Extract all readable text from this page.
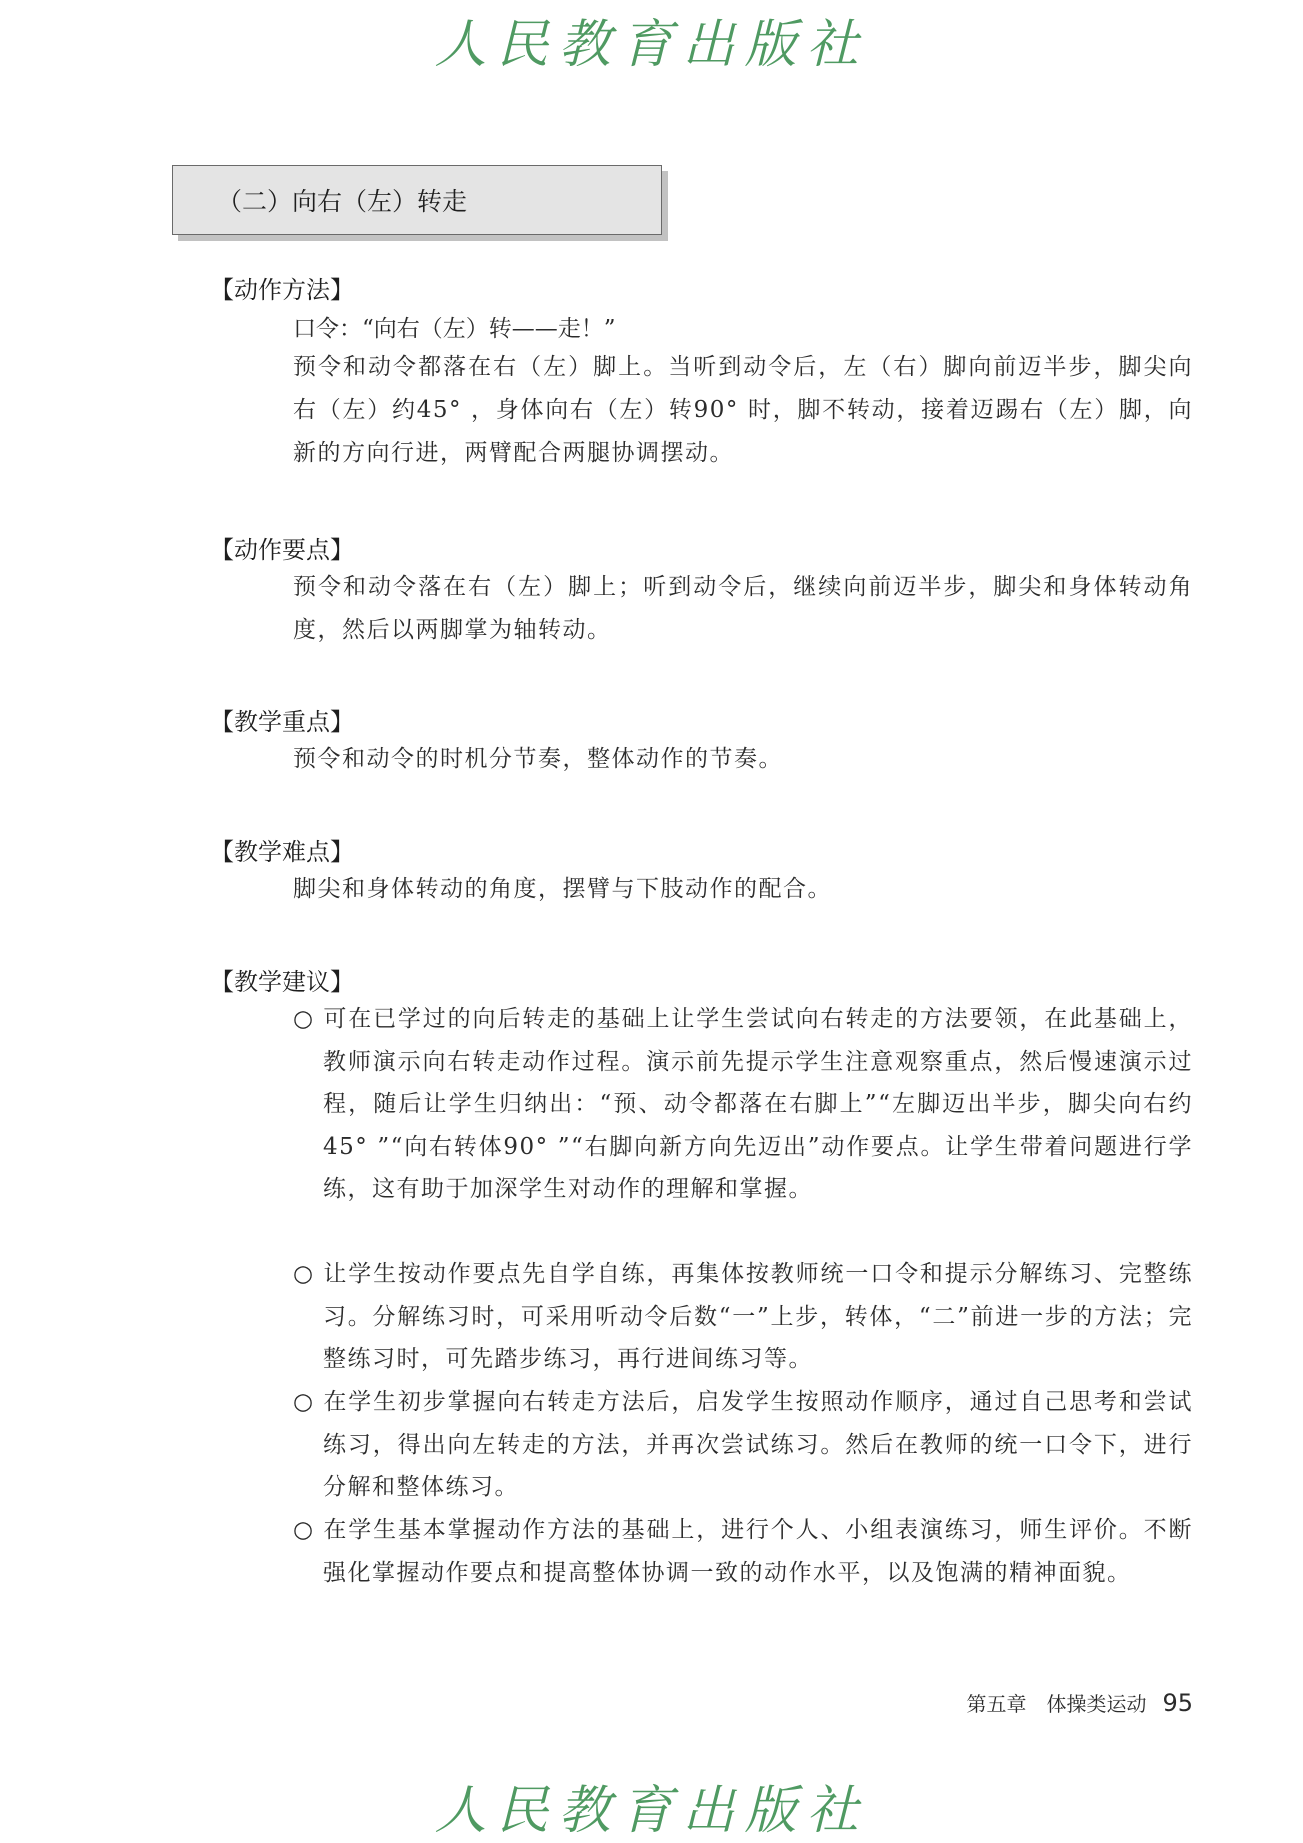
人民教育出版社
（二）向右（左）转走
【动作方法】
口令：“向右（左）转——走！”

预令和动令都落在右（左）脚上。当听到动令后，左（右）脚向前迈半步，脚尖向右（左）约45° ，身体向右（左）转90° 时，脚不转动，接着迈踢右（左）脚，向新的方向行进，两臂配合两腿协调摆动。

【动作要点】

预令和动令落在右（左）脚上；听到动令后，继续向前迈半步，脚尖和身体转动角度，然后以两脚掌为轴转动。

【教学重点】

预令和动令的时机分节奏，整体动作的节奏。

【教学难点】

脚尖和身体转动的角度，摆臂与下肢动作的配合。

【教学建议】

○ 可在已学过的向后转走的基础上让学生尝试向右转走的方法要领，在此基础上，教师演示向右转走动作过程。演示前先提示学生注意观察重点，然后慢速演示过程，随后让学生归纳出：“预、动令都落在右脚上”“左脚迈出半步，脚尖向右约45° ”“向右转体90° ”“右脚向新方向先迈出”动作要点。让学生带着问题进行学练，这有助于加深学生对动作的理解和掌握。

○ 让学生按动作要点先自学自练，再集体按教师统一口令和提示分解练习、完整练习。分解练习时，可采用听动令后数“一”上步，转体，“二”前进一步的方法；完整练习时，可先踏步练习，再行进间练习等。

○ 在学生初步掌握向右转走方法后，启发学生按照动作顺序，通过自己思考和尝试练习，得出向左转走的方法，并再次尝试练习。然后在教师的统一口令下，进行分解和整体练习。

○ 在学生基本掌握动作方法的基础上，进行个人、小组表演练习，师生评价。不断强化掌握动作要点和提高整体协调一致的动作水平，以及饱满的精神面貌。

第五章　体操类运动 95
人民教育出版社
